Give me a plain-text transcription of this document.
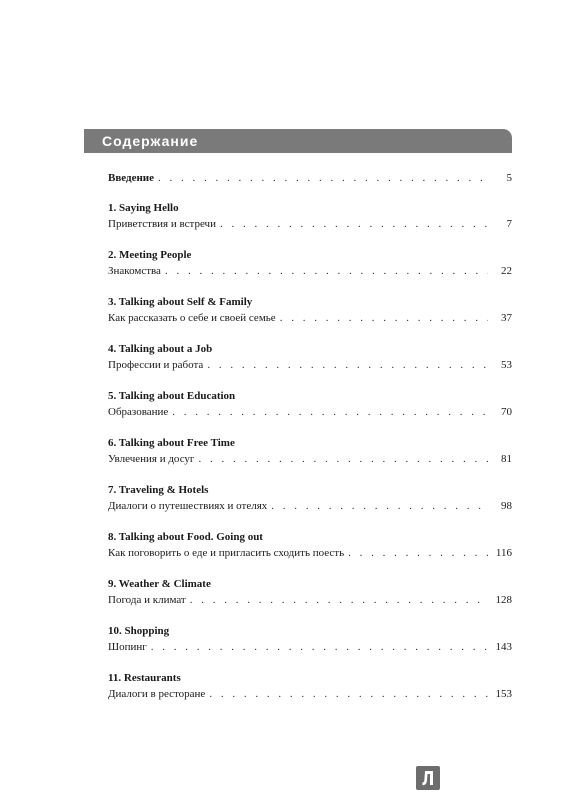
Содержание
Введение . . .	5
1. Saying Hello
Приветствия и встречи . . .	7
2. Meeting People
Знакомства . . .	22
3. Talking about Self & Family
Как рассказать о себе и своей семье . . .	37
4. Talking about a Job
Профессии и работа . . .	53
5. Talking about Education
Образование . . .	70
6. Talking about Free Time
Увлечения и досуг . . .	81
7. Traveling & Hotels
Диалоги о путешествиях и отелях . . .	98
8. Talking about Food. Going out
Как поговорить о еде и пригласить сходить поесть . . .	116
9. Weather & Climate
Погода и климат . . .	128
10. Shopping
Шопинг . . .	143
11. Restaurants
Диалоги в ресторане . . .	153
